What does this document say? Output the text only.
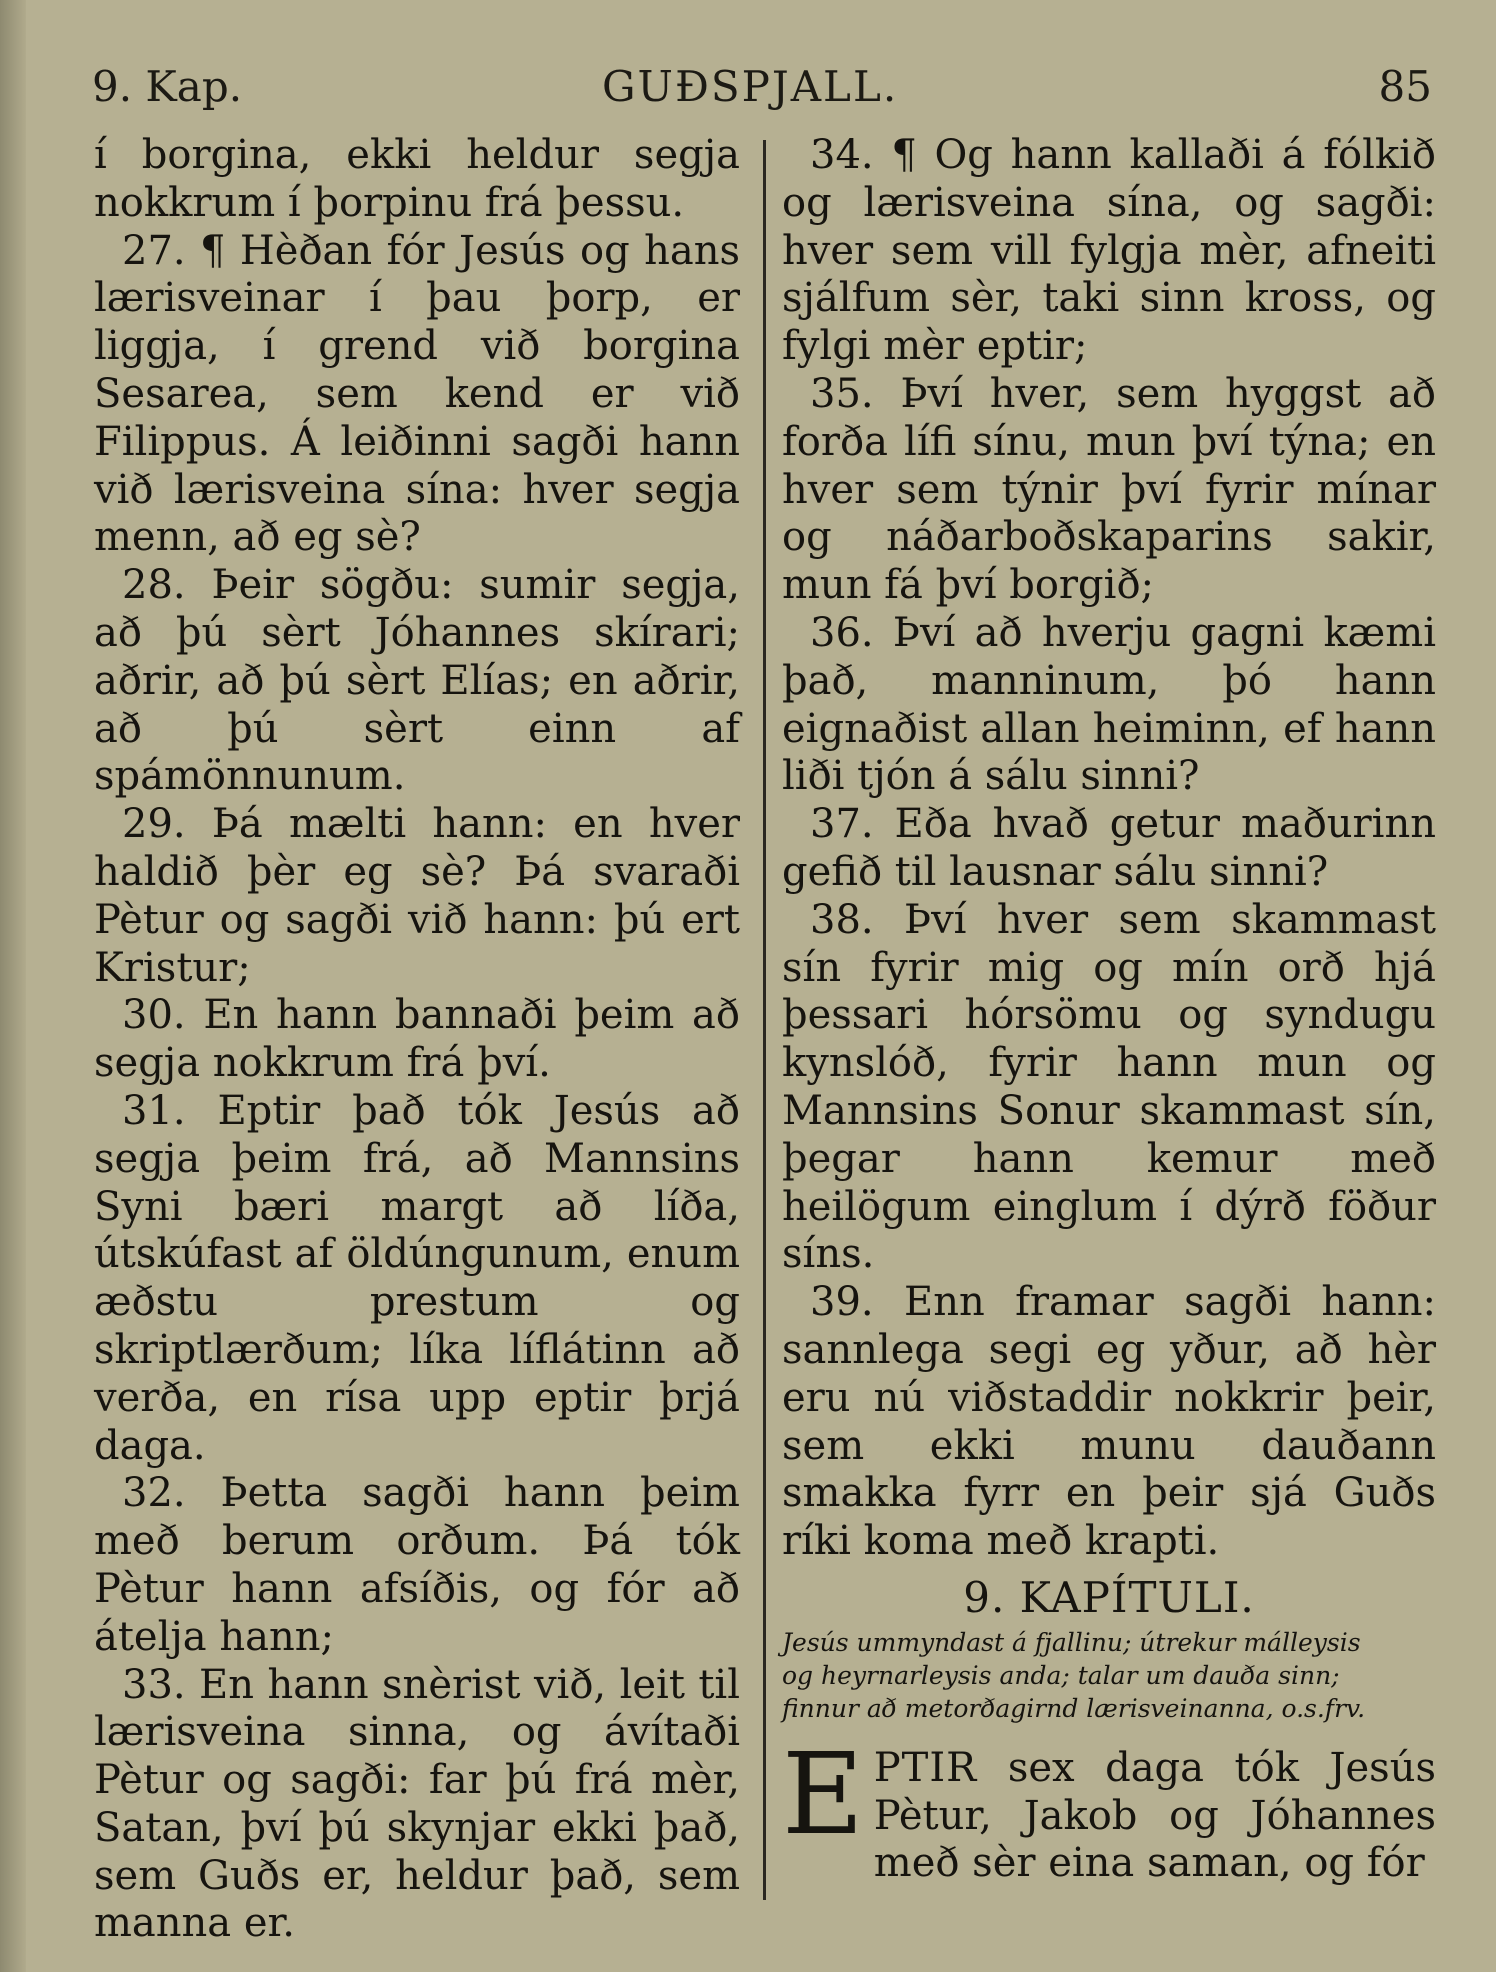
9. Kap.	GUÐSPJALL.	85

í borgina, ekki heldur segja nokkrum í þorpinu frá þessu.

27. ¶ Hèðan fór Jesús og hans lærisveinar í þau þorp, er liggja, í grend við borgina Sesarea, sem kend er við Filippus. Á leiðinni sagði hann við lærisveina sína: hver segja menn, að eg sè?

28. Þeir sögðu: sumir segja, að þú sèrt Jóhannes skírari; aðrir, að þú sèrt Elías; en aðrir, að þú sèrt einn af spámönnunum.

29. Þá mælti hann: en hver haldið þèr eg sè? Þá svaraði Pètur og sagði við hann: þú ert Kristur;

30. En hann bannaði þeim að segja nokkrum frá því.

31. Eptir það tók Jesús að segja þeim frá, að Mannsins Syni bæri margt að líða, útskúfast af öldúngunum, enum æðstu prestum og skriptlærðum; líka líflátinn að verða, en rísa upp eptir þrjá daga.

32. Þetta sagði hann þeim með berum orðum. Þá tók Pètur hann afsíðis, og fór að átelja hann;

33. En hann snèrist við, leit til lærisveina sinna, og ávítaði Pètur og sagði: far þú frá mèr, Satan, því þú skynjar ekki það, sem Guðs er, heldur það, sem manna er.

34. ¶ Og hann kallaði á fólkið og lærisveina sína, og sagði: hver sem vill fylgja mèr, afneiti sjálfum sèr, taki sinn kross, og fylgi mèr eptir;

35. Því hver, sem hyggst að forða lífi sínu, mun því týna; en hver sem týnir því fyrir mínar og náðarboðskaparins sakir, mun fá því borgið;

36. Því að hverju gagni kæmi það, manninum, þó hann eignaðist allan heiminn, ef hann liði tjón á sálu sinni?

37. Eða hvað getur maðurinn gefið til lausnar sálu sinni?

38. Því hver sem skammast sín fyrir mig og mín orð hjá þessari hórsömu og syndugu kynslóð, fyrir hann mun og Mannsins Sonur skammast sín, þegar hann kemur með heilögum einglum í dýrð föður síns.

39. Enn framar sagði hann: sannlega segi eg yður, að hèr eru nú viðstaddir nokkrir þeir, sem ekki munu dauðann smakka fyrr en þeir sjá Guðs ríki koma með krapti.

9. KAPÍTULI.
Jesús ummyndast á fjallinu; útrekur málleysis
og heyrnarleysis anda; talar um dauða sinn;
finnur að metorðagirnd lærisveinanna, o.s.frv.

EPTIR sex daga tók Jesús Pètur, Jakob og Jóhannes með sèr eina saman, og fór
